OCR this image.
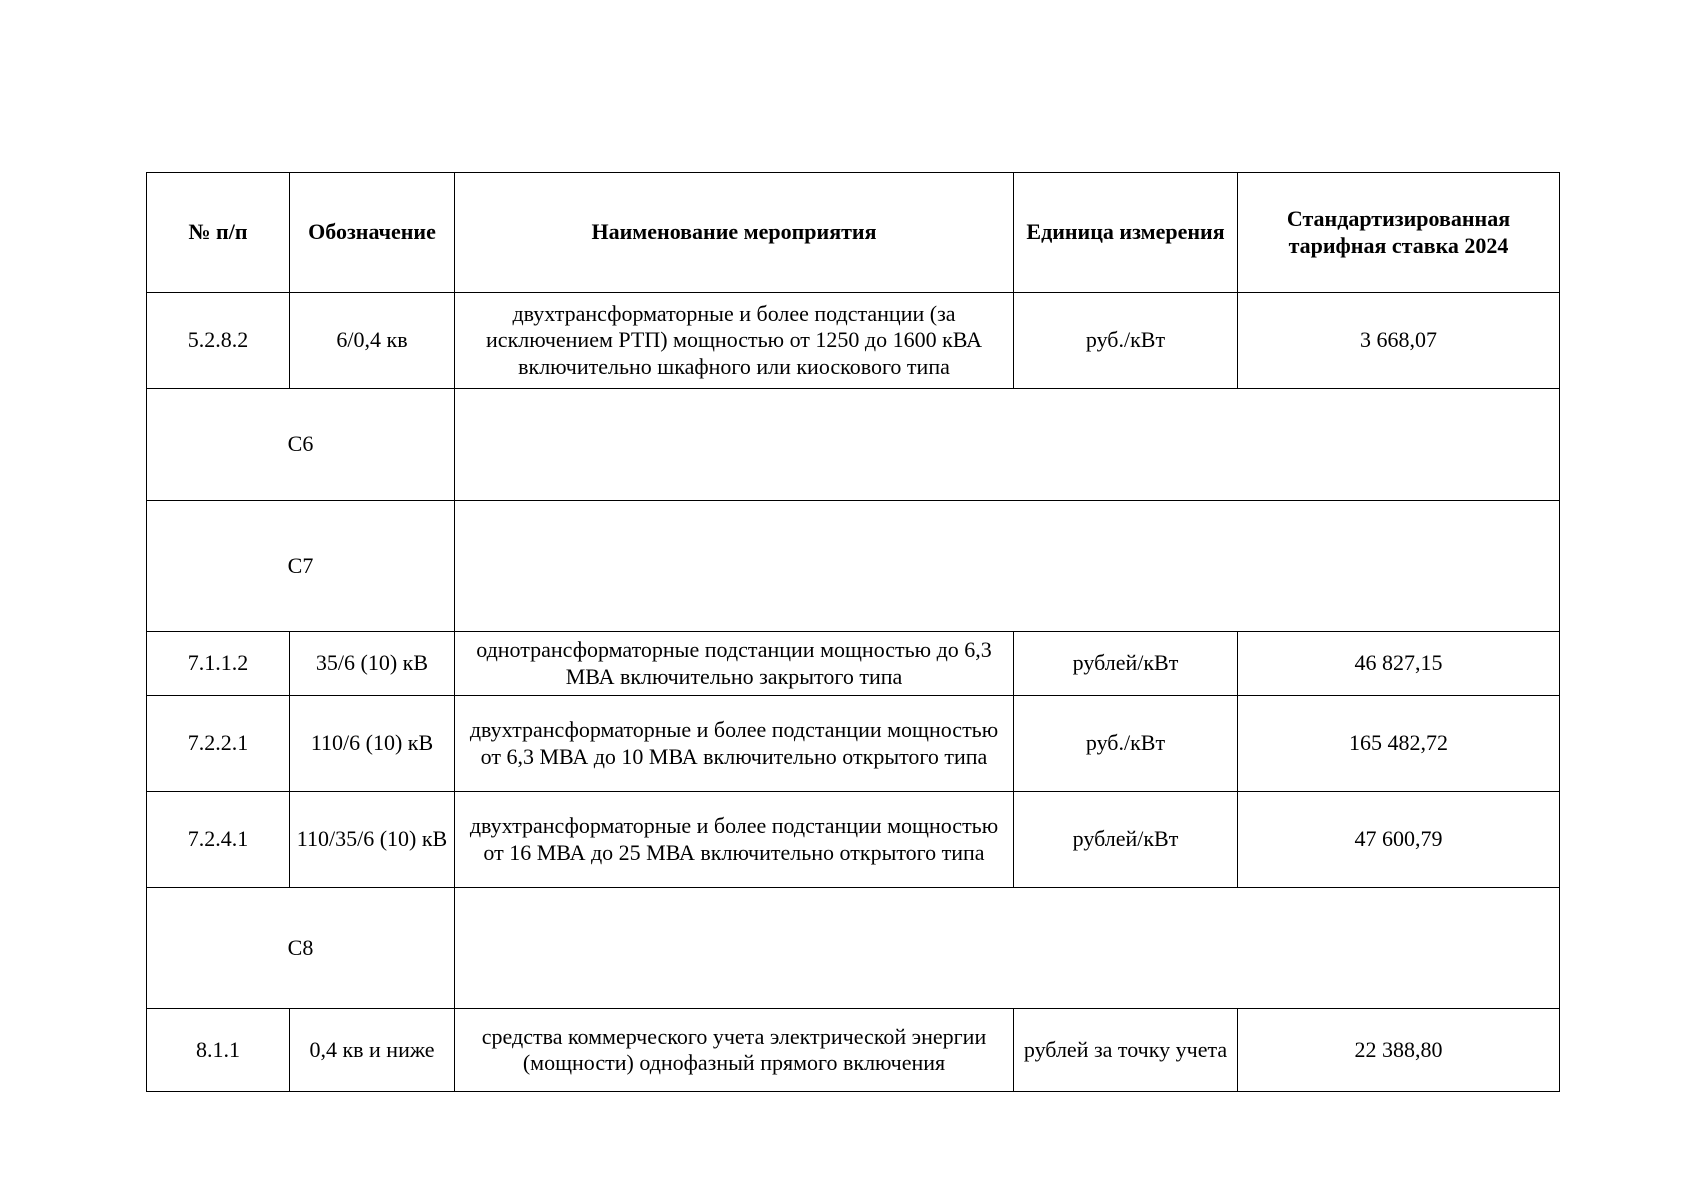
№ п/п	Обозначение	Наименование мероприятия	Единица измерения	Стандартизированная тарифная ставка 2024
5.2.8.2	6/0,4 кв	двухтрансформаторные и более подстанции (за исключением РТП) мощностью от 1250 до 1600 кВА включительно шкафного или киоскового типа	руб./кВт	3 668,07
С6				
С7				
7.1.1.2	35/6 (10) кВ	однотрансформаторные подстанции мощностью до 6,3 МВА включительно закрытого типа	рублей/кВт	46 827,15
7.2.2.1	110/6 (10) кВ	двухтрансформаторные и более подстанции мощностью от 6,3 МВА до 10 МВА включительно открытого типа	руб./кВт	165 482,72
7.2.4.1	110/35/6 (10) кВ	двухтрансформаторные и более подстанции мощностью от 16 МВА до 25 МВА включительно открытого типа	рублей/кВт	47 600,79
С8				
8.1.1	0,4 кв и ниже	средства коммерческого учета электрической энергии (мощности) однофазный прямого включения	рублей за точку учета	22 388,80
